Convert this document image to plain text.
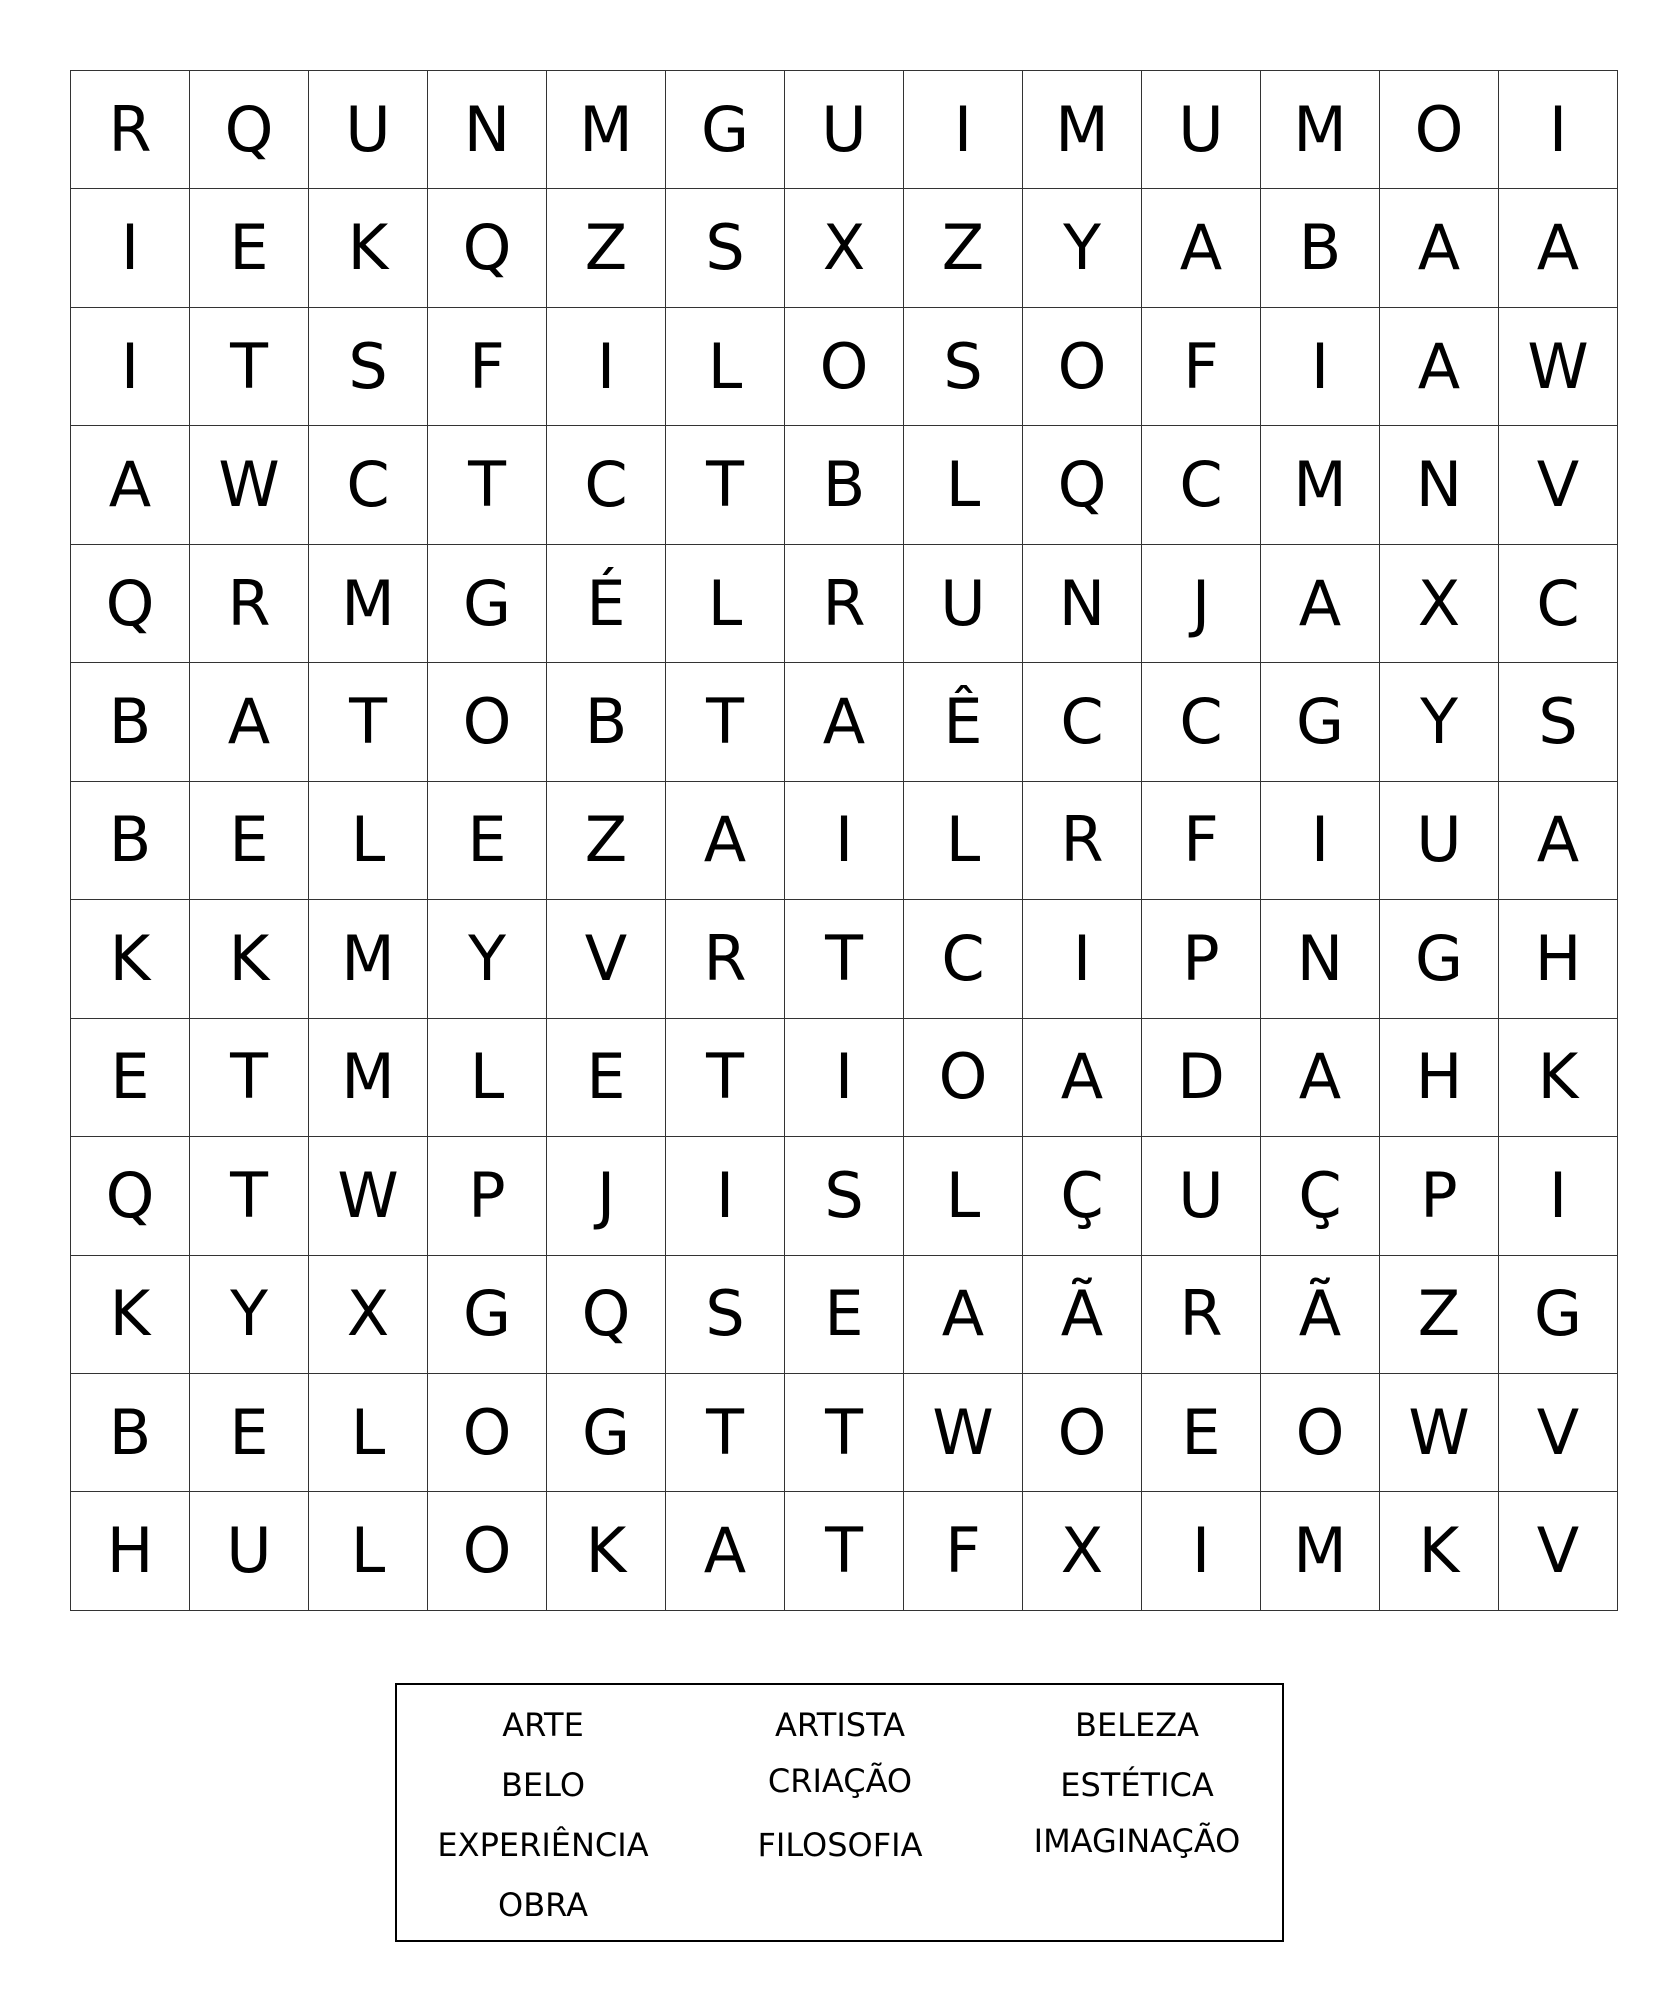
R	Q	U	N	M	G	U	I	M	U	M	O	I
I	E	K	Q	Z	S	X	Z	Y	A	B	A	A
I	T	S	F	I	L	O	S	O	F	I	A	W
A	W	C	T	C	T	B	L	Q	C	M	N	V
Q	R	M	G	É	L	R	U	N	J	A	X	C
B	A	T	O	B	T	A	Ê	C	C	G	Y	S
B	E	L	E	Z	A	I	L	R	F	I	U	A
K	K	M	Y	V	R	T	C	I	P	N	G	H
E	T	M	L	E	T	I	O	A	D	A	H	K
Q	T	W	P	J	I	S	L	Ç	U	Ç	P	I
K	Y	X	G	Q	S	E	A	Ã	R	Ã	Z	G
B	E	L	O	G	T	T	W	O	E	O	W	V
H	U	L	O	K	A	T	F	X	I	M	K	V
ARTE	ARTISTA	BELEZA
BELO	CRIAÇÃO	ESTÉTICA
EXPERIÊNCIA	FILOSOFIA	IMAGINAÇÃO
OBRA
